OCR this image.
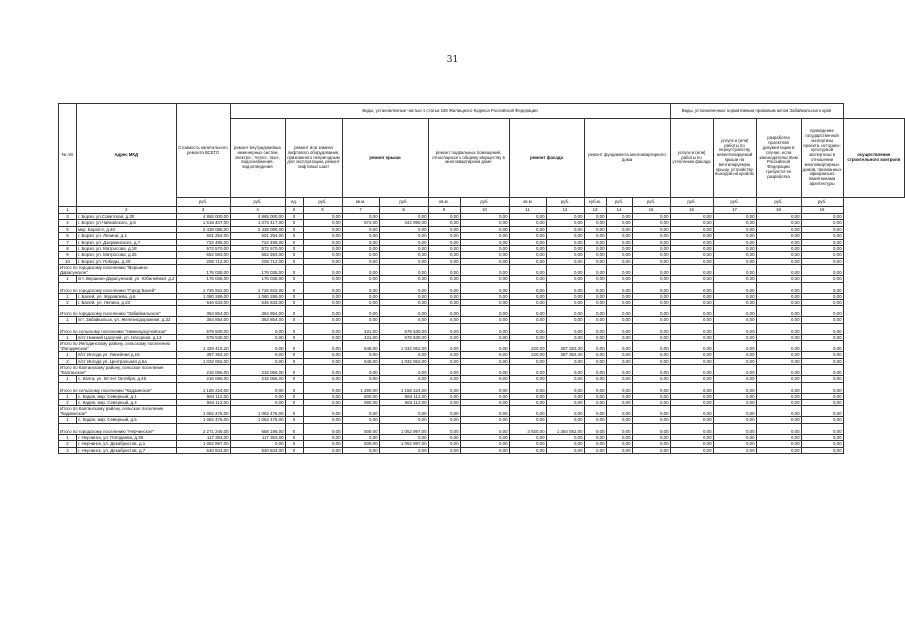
31
№ п/п	Адрес МКД	Стоимость капитального ремонта ВСЕГО	Виды, установленные частью 1 статьи 166 Жилищного Кодекса Российской Федерации												Виды, установленные нормативным правовым актом Забайкальского края				
			ремонт внутридомовых инженерных систем электро-, тепло-, газо-, водоснабжения, водоотведения	ремонт или замена лифтового оборудования, признанного непригодным для эксплуатации, ремонт лифтовых шахт		ремонт крыши		ремонт подвальных помещений, относящихся к общему имуществу в многоквартирном доме		ремонт фасада		ремонт фундамента многоквартирного дома			услуги и (или) работы по утеплению фасада	услуги и (или) работы по переустройству невентилируемой крыши на вентилируемую крышу, устройству выходов на кровлю	разработка проектной документации в случае, если законодательством Российской Федерации требуется ее разработка	проведение государственной экспертизы проекта, историко-культурной экспертизы в отношении многоквартирных домов, признанных официально памятниками архитектуры	осуществление строительного контроля
		руб.	руб.	ед.	руб.	кв.м.	руб.	кв.м.	руб.	кв.м	руб.	куб.м.	руб.	руб.	руб.	руб.	руб.	руб.	
1	2	3	4	5	6	7	8	9	10	11	12	13	14	15	16	17	18	19	
3	г. Борзя, ул.Советская, д.30	4 865 000,00	4 865 000,00	0	0,00	0,00	0,00	0,00	0,00	0,00	0,00	0,00	0,00	0,00	0,00	0,00	0,00	0,00	
4	г. Борзя, ул.Чайковского, д.8	1 518 407,00	1 073 417,00	0	0,00	572,00	444 990,00	0,00	0,00	0,00	0,00	0,00	0,00	0,00	0,00	0,00	0,00	0,00	
5	мкр. Борзя-2, д.40	2 438 085,00	2 438 085,00	0	0,00	0,00	0,00	0,00	0,00	0,00	0,00	0,00	0,00	0,00	0,00	0,00	0,00	0,00	
6	г. Борзя, ул. Ленина, д.1	501 254,00	501 254,00	0	0,00	0,00	0,00	0,00	0,00	0,00	0,00	0,00	0,00	0,00	0,00	0,00	0,00	0,00	
7	г. Борзя, ул. Дзержинского, д.7	722 495,00	722 495,00	0	0,00	0,00	0,00	0,00	0,00	0,00	0,00	0,00	0,00	0,00	0,00	0,00	0,00	0,00	
8	г. Борзя, ул. Матросова, д.18	572 570,00	572 570,00	0	0,00	0,00	0,00	0,00	0,00	0,00	0,00	0,00	0,00	0,00	0,00	0,00	0,00	0,00	
9	г. Борзя, ул. Матросова, д.25	652 593,00	652 593,00	0	0,00	0,00	0,00	0,00	0,00	0,00	0,00	0,00	0,00	0,00	0,00	0,00	0,00	0,00	
10	г. Борзя, ул. Победы, д.29	208 712,00	208 712,00	0	0,00	0,00	0,00	0,00	0,00	0,00	0,00	0,00	0,00	0,00	0,00	0,00	0,00	0,00	
Итого по городскому поселению "Вершино-Дарасунское"		176 035,00	176 035,00	0	0,00	0,00	0,00	0,00	0,00	0,00	0,00	0,00	0,00	0,00	0,00	0,00	0,00	0,00	
1	пгт. Вершино-Дарасунский, ул. Юбилейная, д.2	176 035,00	176 035,00	0	0,00	0,00	0,00	0,00	0,00	0,00	0,00	0,00	0,00	0,00	0,00	0,00	0,00	0,00	
Итого по городскому поселению "Город Балей"		1 726 922,00	1 726 922,00	0	0,00	0,00	0,00	0,00	0,00	0,00	0,00	0,00	0,00	0,00	0,00	0,00	0,00	0,00	
1	г. Балей, ул. Журавлева, д.6	1 080 289,00	1 080 289,00	0	0,00	0,00	0,00	0,00	0,00	0,00	0,00	0,00	0,00	0,00	0,00	0,00	0,00	0,00	
2	г. Балей, ул. Ленина, д.23	646 633,00	646 633,00	0	0,00	0,00	0,00	0,00	0,00	0,00	0,00	0,00	0,00	0,00	0,00	0,00	0,00	0,00	
Итого по городскому поселению "Забайкальское"		354 854,00	354 854,00	0	0,00	0,00	0,00	0,00	0,00	0,00	0,00	0,00	0,00	0,00	0,00	0,00	0,00	0,00	
1	пгт. Забайкальск, ул. Железнодорожная, д.32	354 854,00	354 854,00	0	0,00	0,00	0,00	0,00	0,00	0,00	0,00	0,00	0,00	0,00	0,00	0,00	0,00	0,00	
Итого по сельскому поселению "Нижнецасучейское"		679 530,00	0,00	0	0,00	431,00	679 530,00	0,00	0,00	0,00	0,00	0,00	0,00	0,00	0,00	0,00	0,00	0,00	
1	п/ст Нижний Цасучей, ул. Нагорная, д.13	679 530,00	0,00	0	0,00	431,00	679 530,00	0,00	0,00	0,00	0,00	0,00	0,00	0,00	0,00	0,00	0,00	0,00	
Итого по Ингодинскому району, сельскому поселению "Ингодинское"		1 429 415,20	0,00	0	0,00	548,00	1 032 062,00	0,00	0,00	220,00	397 353,20	0,00	0,00	0,00	0,00	0,00	0,00	0,00	
1	п/ст Ингода ул. Линейная д.15	397 353,20	0,00	0	0,00	0,00	0,00	0,00	0,00	220,00	397 353,20	0,00	0,00	0,00	0,00	0,00	0,00	0,00	
2	п/ст Ингода ул. Центральная д.5а	1 032 062,00	0,00	0	0,00	548,00	1 032 062,00	0,00	0,00	0,00	0,00	0,00	0,00	0,00	0,00	0,00	0,00	0,00	
Итого по Калганскому району, сельское поселение "Калганское"		216 056,00	216 056,00	0	0,00	0,00	0,00	0,00	0,00	0,00	0,00	0,00	0,00	0,00	0,00	0,00	0,00	0,00	
1	с. Калга, ул. 60 лет Октября, д.45	216 056,00	216 056,00	0	0,00	0,00	0,00	0,00	0,00	0,00	0,00	0,00	0,00	0,00	0,00	0,00	0,00	0,00	
Итого по сельскому поселению "Кадаинское"		1 168 224,00	0,00	0	0,00	1 290,00	1 168 224,00	0,00	0,00	0,00	0,00	0,00	0,00	0,00	0,00	0,00	0,00	0,00	
1	с. Кадая, мкр. Северный, д.1	584 112,00	0,00	0	0,00	600,00	584 112,00	0,00	0,00	0,00	0,00	0,00	0,00	0,00	0,00	0,00	0,00	0,00	
2	с. Кадая, мкр. Северный, д.4	584 112,00	0,00	0	0,00	690,00	584 112,00	0,00	0,00	0,00	0,00	0,00	0,00	0,00	0,00	0,00	0,00	0,00	
Итого по Калганскому району, сельское поселение "Кадаинское"		1 062 476,00	1 062 476,00	0	0,00	0,00	0,00	0,00	0,00	0,00	0,00	0,00	0,00	0,00	0,00	0,00	0,00	0,00	
1	с. Кадая, мкр. Северный, д.5	1 062 476,00	1 062 476,00	0	0,00	0,00	0,00	0,00	0,00	0,00	0,00	0,00	0,00	0,00	0,00	0,00	0,00	0,00	
Итого по городскому поселению "Нерчинское"		2 271 245,00	658 196,00	0	0,00	509,00	1 052 997,00	0,00	0,00	3 920,00	1 364 052,00	0,00	0,00	0,00	0,00	0,00	0,00	0,00	
1	г. Нерчинск, ул. Погодаева, д.39	117 353,00	117 353,00	0	0,00	0,00	0,00	0,00	0,00	0,00	0,00	0,00	0,00	0,00	0,00	0,00	0,00	0,00	
2	г. Нерчинск, ул. Декабристов, д.1	1 052 997,00	0,00	0	0,00	509,00	1 052 997,00	0,00	0,00	0,00	0,00	0,00	0,00	0,00	0,00	0,00	0,00	0,00	
3	г. Нерчинск, ул. Декабристов, д.7	540 843,00	540 843,00	0	0,00	0,00	0,00	0,00	0,00	0,00	0,00	0,00	0,00	0,00	0,00	0,00	0,00	0,00	
